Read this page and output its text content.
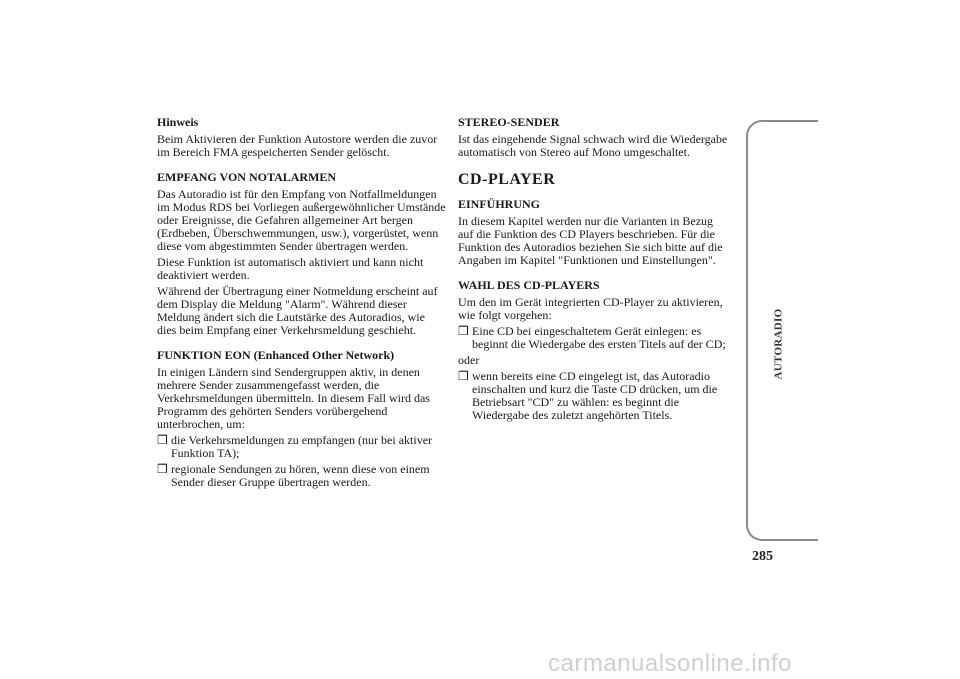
Hinweis

Beim Aktivieren der Funktion Autostore werden die zuvor im Bereich FMA gespeicherten Sender gelöscht.

EMPFANG VON NOTALARMEN

Das Autoradio ist für den Empfang von Notfallmeldungen im Modus RDS bei Vorliegen außergewöhnlicher Umstände oder Ereignisse, die Gefahren allgemeiner Art bergen (Erdbeben, Überschwemmungen, usw.), vorgerüstet, wenn diese vom abgestimmten Sender übertragen werden.

Diese Funktion ist automatisch aktiviert und kann nicht deaktiviert werden.

Während der Übertragung einer Notmeldung erscheint auf dem Display die Meldung "Alarm". Während dieser Meldung ändert sich die Lautstärke des Autoradios, wie dies beim Empfang einer Verkehrsmeldung geschieht.

FUNKTION EON (Enhanced Other Network)

In einigen Ländern sind Sendergruppen aktiv, in denen mehrere Sender zusammengefasst werden, die Verkehrsmeldungen übermitteln. In diesem Fall wird das Programm des gehörten Senders vorübergehend unterbrochen, um:

❒ die Verkehrsmeldungen zu empfangen (nur bei aktiver Funktion TA);
❒ regionale Sendungen zu hören, wenn diese von einem Sender dieser Gruppe übertragen werden.
STEREO-SENDER

Ist das eingehende Signal schwach wird die Wiedergabe automatisch von Stereo auf Mono umgeschaltet.

CD-PLAYER
EINFÜHRUNG

In diesem Kapitel werden nur die Varianten in Bezug auf die Funktion des CD Players beschrieben. Für die Funktion des Autoradios beziehen Sie sich bitte auf die Angaben im Kapitel "Funktionen und Einstellungen".

WAHL DES CD-PLAYERS

Um den im Gerät integrierten CD-Player zu aktivieren, wie folgt vorgehen:

❒ Eine CD bei eingeschaltetem Gerät einlegen: es beginnt die Wiedergabe des ersten Titels auf der CD;

oder

❒ wenn bereits eine CD eingelegt ist, das Autoradio einschalten und kurz die Taste CD drücken, um die Betriebsart "CD" zu wählen: es beginnt die Wiedergabe des zuletzt angehörten Titels.
AUTORADIO
285
carmanualsonline.info
